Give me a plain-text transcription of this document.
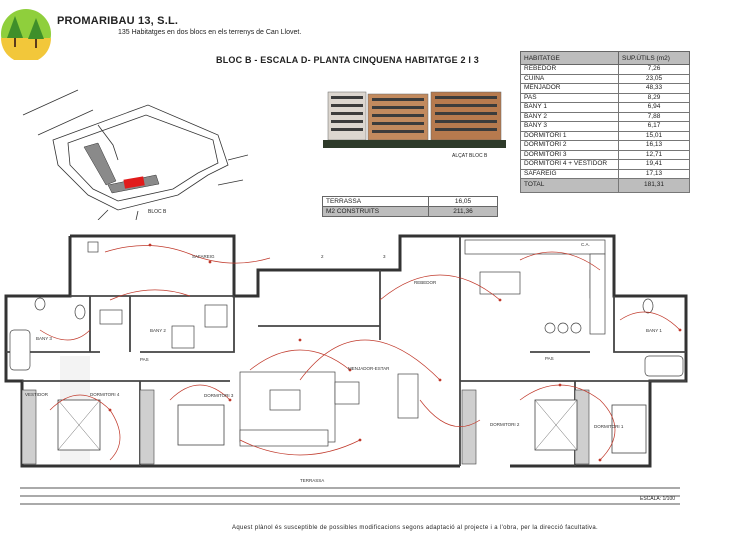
PROMARIBAU 13, S.L.
135 Habitatges en dos blocs en els terrenys de Can Llovet.
BLOC B - ESCALA D- PLANTA CINQUENA HABITATGE 2 I 3
BLOC B
ALÇAT BLOC B
HABITATGE	SUP.ÚTILS (m2)
REBEDOR	7,26
CUINA	23,05
MENJADOR	48,33
PAS	8,29
BANY 1	6,94
BANY 2	7,88
BANY 3	6,17
DORMITORI 1	15,01
DORMITORI 2	16,13
DORMITORI 3	12,71
DORMITORI 4 + VESTIDOR	19,41
SAFAREIG	17,13
TOTAL	181,31
TERRASSA	16,05
M2 CONSTRUITS	211,36
SAFAREIG
REBEDOR
BANY 3
BANY 2	BANY 1
PAS	PAS
MENJADOR-ESTAR
VESTIDOR	DORMITORI 4	DORMITORI 3
DORMITORI 2	DORMITORI 1
TERRASSA
2	3
C.A.
ESCALA: 1/100
Aquest plànol és susceptible de possibles modificacions segons adaptació al projecte i a l'obra, per la direcció facultativa.
